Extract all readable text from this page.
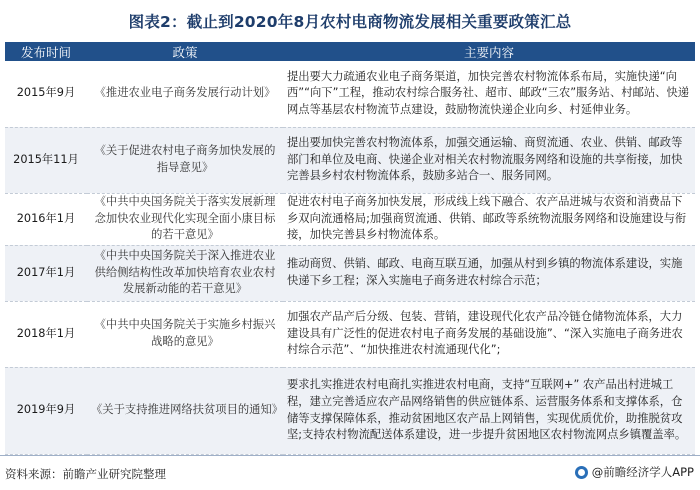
图表2：截止到2020年8月农村电商物流发展相关重要政策汇总
发布时间	政策	主要内容
2015年9月	《推进农业电子商务发展行动计划》	提出要大力疏通农业电子商务渠道，加快完善农村物流体系布局，实施快递“向西”“向下”工程，推动农村综合服务社、超市、邮政“三农”服务站、村邮站、快递网点等基层农村物流节点建设，鼓励物流快递企业向乡、村延伸业务。
2015年11月	《关于促进农村电子商务加快发展的指导意见》	提出要加快完善农村物流体系，加强交通运输、商贸流通、农业、供销、邮政等部门和单位及电商、快递企业对相关农村物流服务网络和设施的共享衔接，加快完善县乡村农村物流体系，鼓励多站合一、服务同网。
2016年1月	《中共中央国务院关于落实发展新理念加快农业现代化实现全面小康目标的若干意见》	促进农村电子商务加快发展，形成线上线下融合、农产品进城与农资和消费品下乡双向流通格局;加强商贸流通、供销、邮政等系统物流服务网络和设施建设与衔接，加快完善县乡村物流体系。
2017年1月	《中共中央国务院关于深入推进农业供给侧结构性改革加快培育农业农村发展新动能的若干意见》	推动商贸、供销、邮政、电商互联互通，加强从村到乡镇的物流体系建设，实施快递下乡工程；深入实施电子商务进农村综合示范；
2018年1月	《中共中央国务院关于实施乡村振兴战略的意见》	加强农产品产后分级、包装、营销，建设现代化农产品冷链仓储物流体系，大力建设具有广泛性的促进农村电子商务发展的基础设施”、“深入实施电子商务进农村综合示范”、“加快推进农村流通现代化”;
2019年9月	《关于支持推进网络扶贫项目的通知》	要求扎实推进农村电商扎实推进农村电商，支持“互联网+” 农产品出村进城工程，建立完善适应农产品网络销售的供应链体系、运营服务体系和支撑体系，仓储等支撑保障体系，推动贫困地区农产品上网销售，实现优质优价，助推脱贫攻坚;支持农村物流配送体系建设，进一步提升贫困地区农村物流网点乡镇覆盖率。
资料来源：前瞻产业研究院整理	@前瞻经济学人APP
